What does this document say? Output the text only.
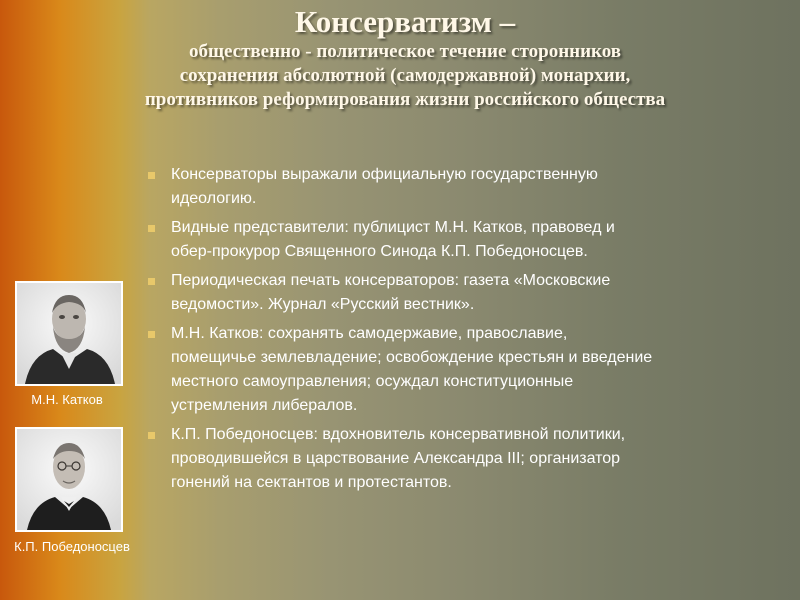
Консерватизм –
общественно - политическое течение сторонников
сохранения абсолютной (самодержавной) монархии,
противников реформирования жизни российского общества
Консерваторы выражали официальную государственную
идеологию.
Видные представители: публицист М.Н. Катков, правовед и
обер-прокурор Священного Синода К.П. Победоносцев.
Периодическая печать консерваторов: газета «Московские
ведомости». Журнал «Русский вестник».
М.Н. Катков: сохранять самодержавие, православие,
помещичье землевладение; освобождение крестьян и введение
местного самоуправления; осуждал конституционные
устремления либералов.
К.П. Победоносцев: вдохновитель консервативной политики,
проводившейся в царствование Александра III; организатор
гонений на сектантов и протестантов.
М.Н. Катков
К.П. Победоносцев
